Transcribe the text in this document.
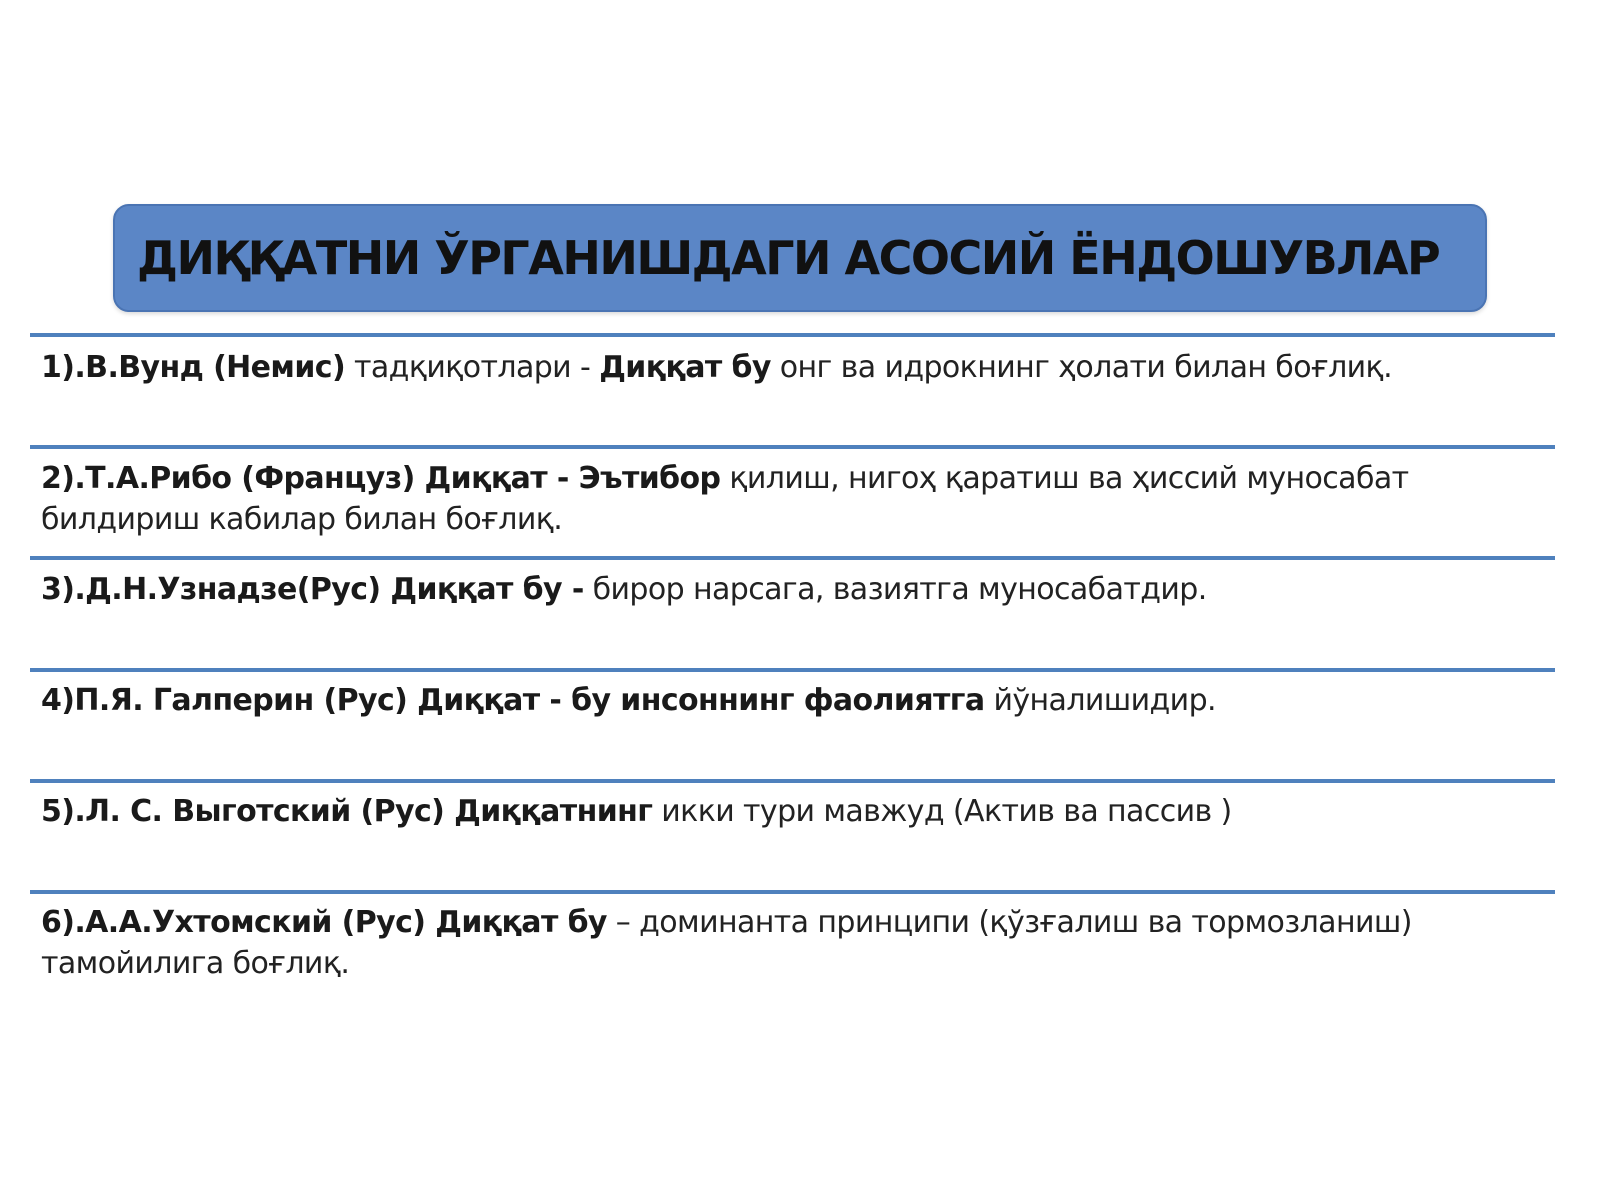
ДИҚҚАТНИ ЎРГАНИШДАГИ АСОСИЙ ЁНДОШУВЛАР
1).В.Вунд (Немис) тадқиқотлари - Диққат бу онг ва идрокнинг ҳолати билан боғлиқ.
2).Т.А.Рибо (Француз) Диққат - Эътибор қилиш, нигоҳ қаратиш ва ҳиссий муносабат билдириш кабилар билан боғлиқ.
3).Д.Н.Узнадзе(Рус) Диққат бу - бирор нарсага, вазиятга муносабатдир.
4)П.Я. Галперин (Рус) Диққат - бу инсоннинг фаолиятга йўналишидир.
5).Л. С. Выготский (Рус) Диққатнинг икки тури мавжуд (Актив ва пассив )
6).А.А.Ухтомский (Рус) Диққат бу – доминанта принципи (қўзғалиш ва тормозланиш) тамойилига боғлиқ.
